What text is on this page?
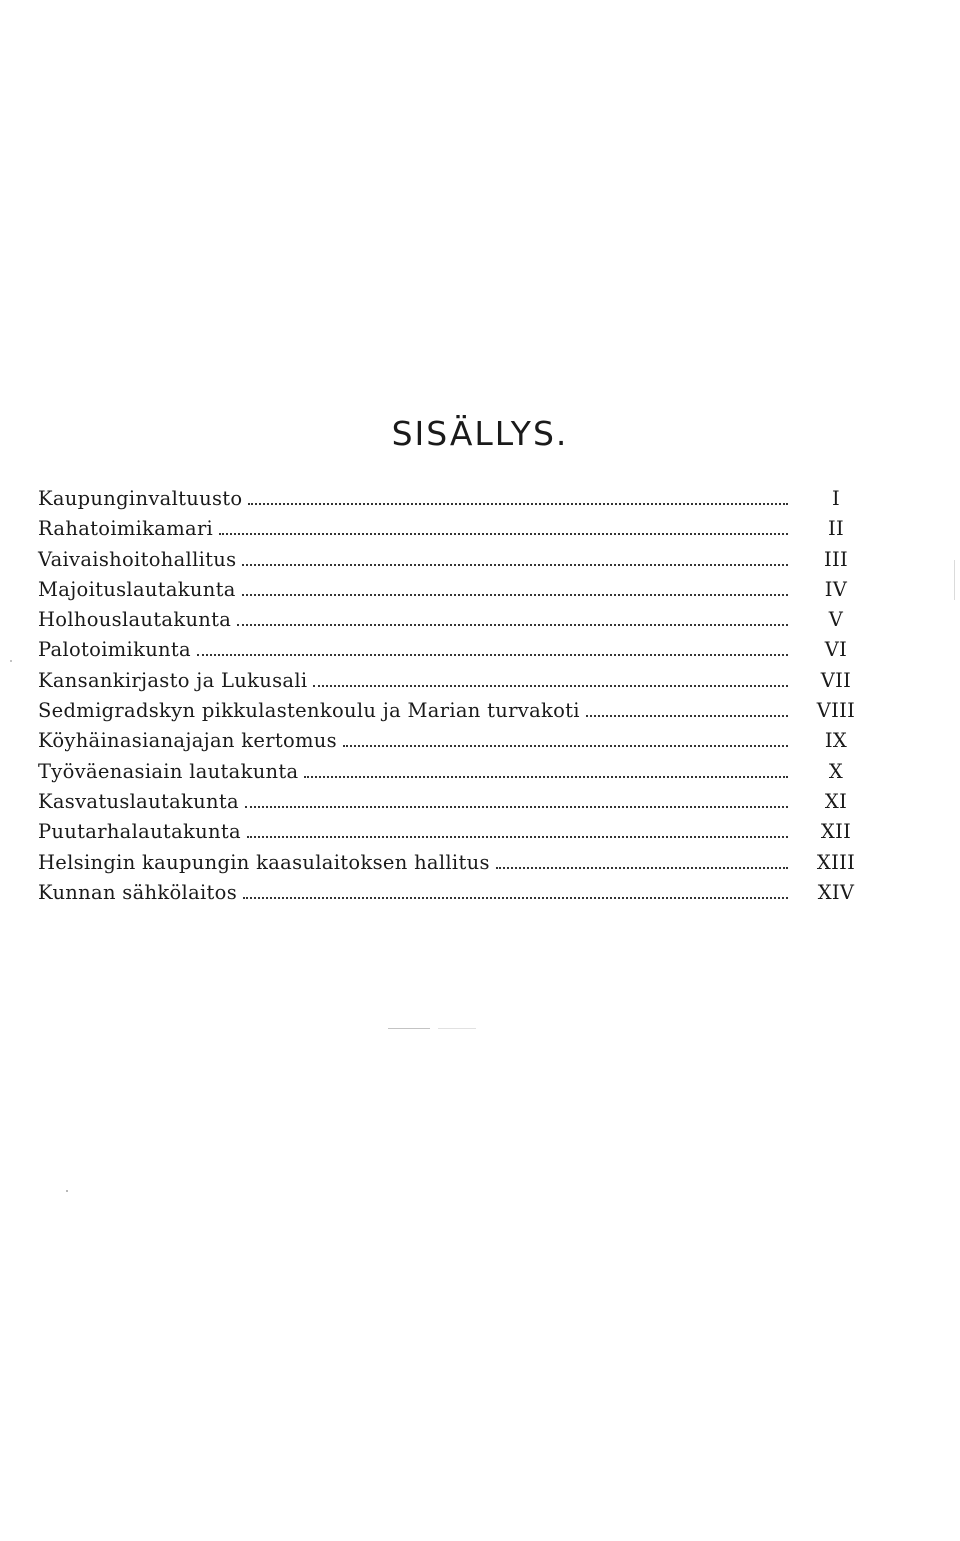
SISÄLLYS.
Kaupunginvaltuusto	I
Rahatoimikamari	II
Vaivaishoitohallitus	III
Majoituslautakunta	IV
Holhouslautakunta	V
Palotoimikunta	VI
Kansankirjasto ja Lukusali	VII
Sedmigradskyn pikkulastenkoulu ja Marian turvakoti	VIII
Köyhäinasianajajan kertomus	IX
Työväenasiain lautakunta	X
Kasvatuslautakunta	XI
Puutarhalautakunta	XII
Helsingin kaupungin kaasulaitoksen hallitus	XIII
Kunnan sähkölaitos	XIV
